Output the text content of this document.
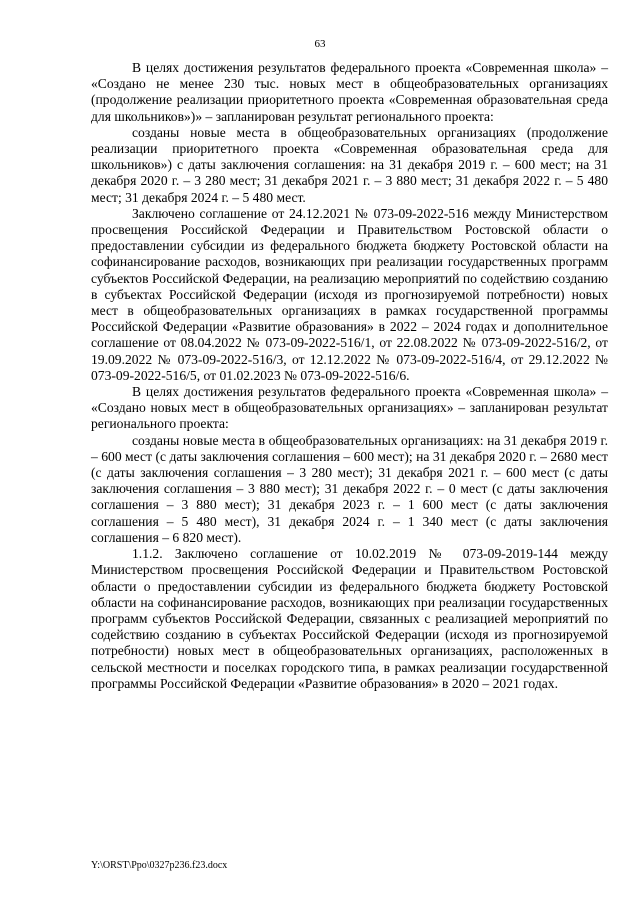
63

В целях достижения результатов федерального проекта «Современная школа» – «Создано не менее 230 тыс. новых мест в общеобразовательных организациях (продолжение реализации приоритетного проекта «Современная образовательная среда для школьников»)» – запланирован результат регионального проекта:

созданы новые места в общеобразовательных организациях (продолжение реализации приоритетного проекта «Современная образовательная среда для школьников») с даты заключения соглашения: на 31 декабря 2019 г. – 600 мест; на 31 декабря 2020 г. – 3 280 мест; 31 декабря 2021 г. – 3 880 мест; 31 декабря 2022 г. – 5 480 мест; 31 декабря 2024 г. – 5 480 мест.

Заключено соглашение от 24.12.2021 № 073-09-2022-516 между Министерством просвещения Российской Федерации и Правительством Ростовской области о предоставлении субсидии из федерального бюджета бюджету Ростовской области на софинансирование расходов, возникающих при реализации государственных программ субъектов Российской Федерации, на реализацию мероприятий по содействию созданию в субъектах Российской Федерации (исходя из прогнозируемой потребности) новых мест в общеобразовательных организациях в рамках государственной программы Российской Федерации «Развитие образования» в 2022 – 2024 годах и дополнительное соглашение от 08.04.2022 № 073-09-2022-516/1, от 22.08.2022 № 073-09-2022-516/2, от 19.09.2022 № 073-09-2022-516/3, от 12.12.2022 № 073-09-2022-516/4, от 29.12.2022 № 073-09-2022-516/5, от 01.02.2023 № 073-09-2022-516/6.

В целях достижения результатов федерального проекта «Современная школа» – «Создано новых мест в общеобразовательных организациях» – запланирован результат регионального проекта:

созданы новые места в общеобразовательных организациях: на 31 декабря 2019 г. – 600 мест (с даты заключения соглашения – 600 мест); на 31 декабря 2020 г. – 2680 мест (с даты заключения соглашения – 3 280 мест); 31 декабря 2021 г. – 600 мест (с даты заключения соглашения – 3 880 мест); 31 декабря 2022 г. – 0 мест (с даты заключения соглашения – 3 880 мест); 31 декабря 2023 г. – 1 600 мест (с даты заключения соглашения – 5 480 мест), 31 декабря 2024 г. – 1 340 мест (с даты заключения соглашения – 6 820 мест).

1.1.2. Заключено соглашение от 10.02.2019 № 073-09-2019-144 между Министерством просвещения Российской Федерации и Правительством Ростовской области о предоставлении субсидии из федерального бюджета бюджету Ростовской области на софинансирование расходов, возникающих при реализации государственных программ субъектов Российской Федерации, связанных с реализацией мероприятий по содействию созданию в субъектах Российской Федерации (исходя из прогнозируемой потребности) новых мест в общеобразовательных организациях, расположенных в сельской местности и поселках городского типа, в рамках реализации государственной программы Российской Федерации «Развитие образования» в 2020 – 2021 годах.

Y:\ORST\Ppo\0327p236.f23.docx
